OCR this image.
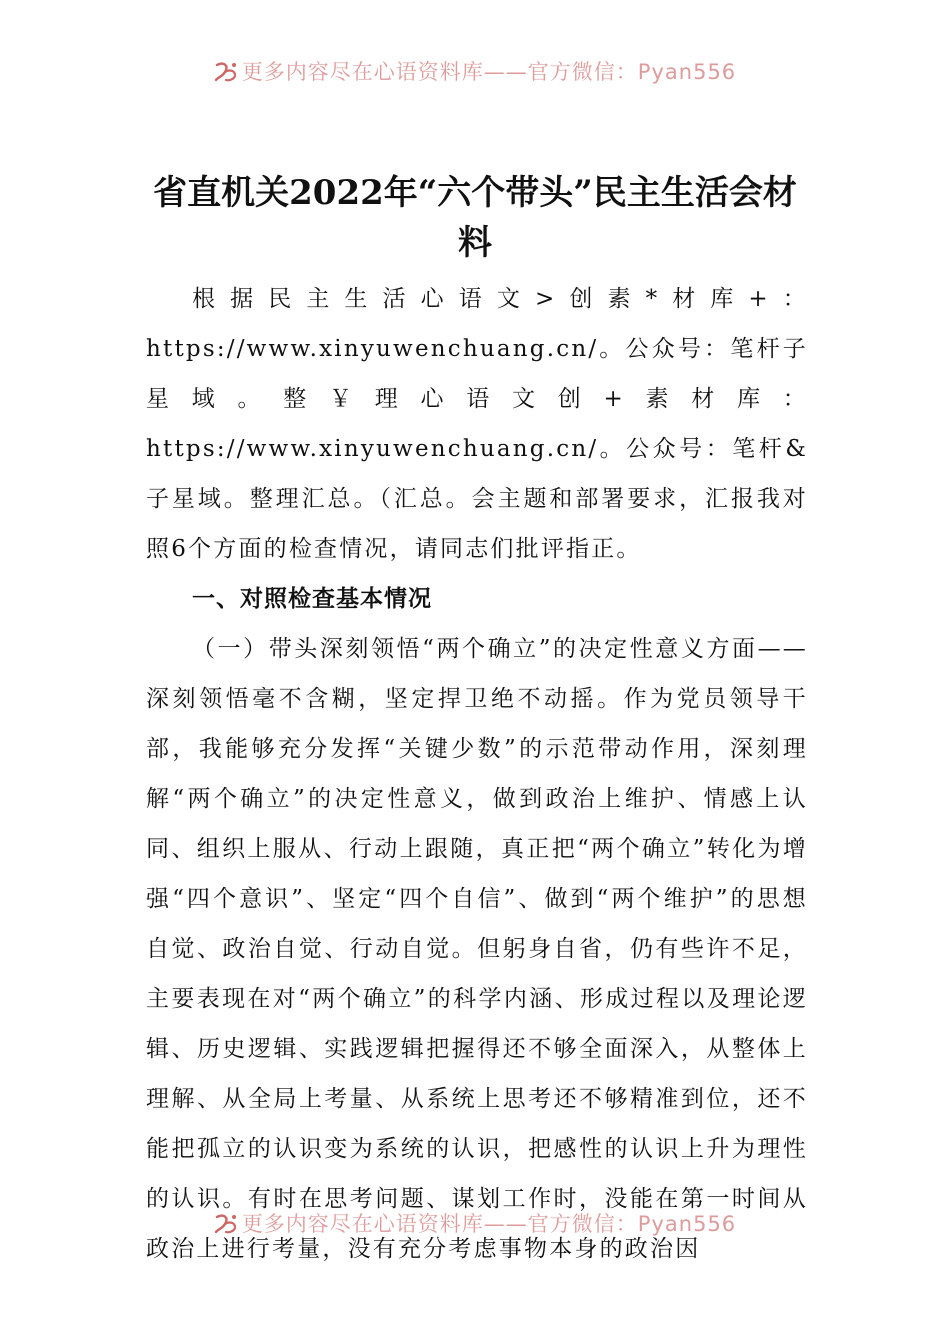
更多内容尽在心语资料库——官方微信：Pyan556
省直机关2022年“六个带头”民主生活会材料

根据民主生活心语文>创素*材库+：https://www.xinyuwenchuang.cn/。公众号：笔杆子星域。整￥理心语文创+素材库：https://www.xinyuwenchuang.cn/。公众号：笔杆&子星域。整理汇总。（汇总。会主题和部署要求，汇报我对照6个方面的检查情况，请同志们批评指正。

一、对照检查基本情况

（一）带头深刻领悟“两个确立”的决定性意义方面——深刻领悟毫不含糊，坚定捍卫绝不动摇。作为党员领导干部，我能够充分发挥“关键少数”的示范带动作用，深刻理解“两个确立”的决定性意义，做到政治上维护、情感上认同、组织上服从、行动上跟随，真正把“两个确立”转化为增强“四个意识”、坚定“四个自信”、做到“两个维护”的思想自觉、政治自觉、行动自觉。但躬身自省，仍有些许不足，主要表现在对“两个确立”的科学内涵、形成过程以及理论逻辑、历史逻辑、实践逻辑把握得还不够全面深入，从整体上理解、从全局上考量、从系统上思考还不够精准到位，还不能把孤立的认识变为系统的认识，把感性的认识上升为理性的认识。有时在思考问题、谋划工作时，没能在第一时间从政治上进行考量，没有充分考虑事物本身的政治因

更多内容尽在心语资料库——官方微信：Pyan556
